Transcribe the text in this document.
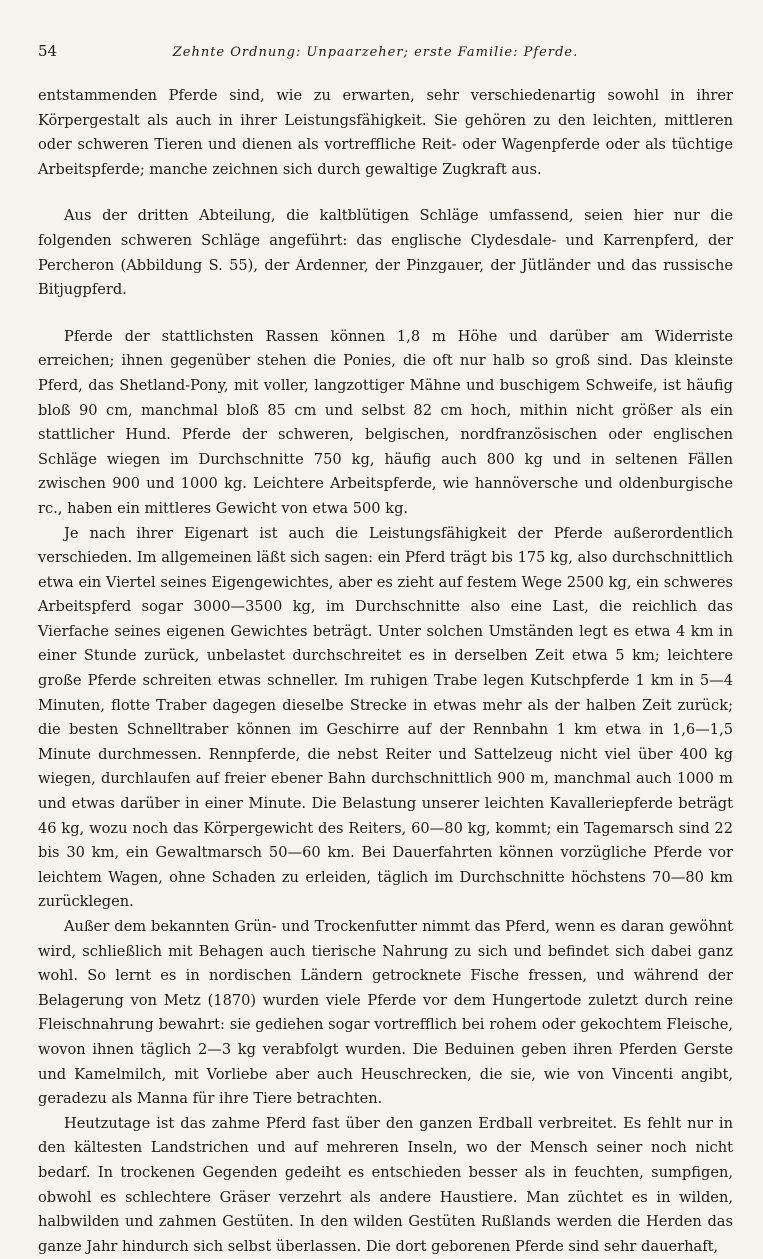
54	Zehnte Ordnung: Unpaarzeher; erste Familie: Pferde.

entstammenden Pferde sind, wie zu erwarten, sehr verschiedenartig sowohl in ihrer Körpergestalt als auch in ihrer Leistungsfähigkeit. Sie gehören zu den leichten, mittleren oder schweren Tieren und dienen als vortreffliche Reit- oder Wagenpferde oder als tüchtige Arbeitspferde; manche zeichnen sich durch gewaltige Zugkraft aus.

Aus der dritten Abteilung, die kaltblütigen Schläge umfassend, seien hier nur die folgenden schweren Schläge angeführt: das englische Clydesdale- und Karrenpferd, der Percheron (Abbildung S. 55), der Ardenner, der Pinzgauer, der Jütländer und das russische Bitjugpferd.

Pferde der stattlichsten Rassen können 1,8 m Höhe und darüber am Widerriste erreichen; ihnen gegenüber stehen die Ponies, die oft nur halb so groß sind. Das kleinste Pferd, das Shetland-Pony, mit voller, langzottiger Mähne und buschigem Schweife, ist häufig bloß 90 cm, manchmal bloß 85 cm und selbst 82 cm hoch, mithin nicht größer als ein stattlicher Hund. Pferde der schweren, belgischen, nordfranzösischen oder englischen Schläge wiegen im Durchschnitte 750 kg, häufig auch 800 kg und in seltenen Fällen zwischen 900 und 1000 kg. Leichtere Arbeitspferde, wie hannöversche und oldenburgische rc., haben ein mittleres Gewicht von etwa 500 kg.

Je nach ihrer Eigenart ist auch die Leistungsfähigkeit der Pferde außerordentlich verschieden. Im allgemeinen läßt sich sagen: ein Pferd trägt bis 175 kg, also durchschnittlich etwa ein Viertel seines Eigengewichtes, aber es zieht auf festem Wege 2500 kg, ein schweres Arbeitspferd sogar 3000—3500 kg, im Durchschnitte also eine Last, die reichlich das Vierfache seines eigenen Gewichtes beträgt. Unter solchen Umständen legt es etwa 4 km in einer Stunde zurück, unbelastet durchschreitet es in derselben Zeit etwa 5 km; leichtere große Pferde schreiten etwas schneller. Im ruhigen Trabe legen Kutschpferde 1 km in 5—4 Minuten, flotte Traber dagegen dieselbe Strecke in etwas mehr als der halben Zeit zurück; die besten Schnelltraber können im Geschirre auf der Rennbahn 1 km etwa in 1,6—1,5 Minute durchmessen. Rennpferde, die nebst Reiter und Sattelzeug nicht viel über 400 kg wiegen, durchlaufen auf freier ebener Bahn durchschnittlich 900 m, manchmal auch 1000 m und etwas darüber in einer Minute. Die Belastung unserer leichten Kavalleriepferde beträgt 46 kg, wozu noch das Körpergewicht des Reiters, 60—80 kg, kommt; ein Tagemarsch sind 22 bis 30 km, ein Gewaltmarsch 50—60 km. Bei Dauerfahrten können vorzügliche Pferde vor leichtem Wagen, ohne Schaden zu erleiden, täglich im Durchschnitte höchstens 70—80 km zurücklegen.

Außer dem bekannten Grün- und Trockenfutter nimmt das Pferd, wenn es daran gewöhnt wird, schließlich mit Behagen auch tierische Nahrung zu sich und befindet sich dabei ganz wohl. So lernt es in nordischen Ländern getrocknete Fische fressen, und während der Belagerung von Metz (1870) wurden viele Pferde vor dem Hungertode zuletzt durch reine Fleischnahrung bewahrt: sie gediehen sogar vortrefflich bei rohem oder gekochtem Fleische, wovon ihnen täglich 2—3 kg verabfolgt wurden. Die Beduinen geben ihren Pferden Gerste und Kamelmilch, mit Vorliebe aber auch Heuschrecken, die sie, wie von Vincenti angibt, geradezu als Manna für ihre Tiere betrachten.

Heutzutage ist das zahme Pferd fast über den ganzen Erdball verbreitet. Es fehlt nur in den kältesten Landstrichen und auf mehreren Inseln, wo der Mensch seiner noch nicht bedarf. In trockenen Gegenden gedeiht es entschieden besser als in feuchten, sumpfigen, obwohl es schlechtere Gräser verzehrt als andere Haustiere. Man züchtet es in wilden, halbwilden und zahmen Gestüten. In den wilden Gestüten Rußlands werden die Herden das ganze Jahr hindurch sich selbst überlassen. Die dort geborenen Pferde sind sehr dauerhaft,
